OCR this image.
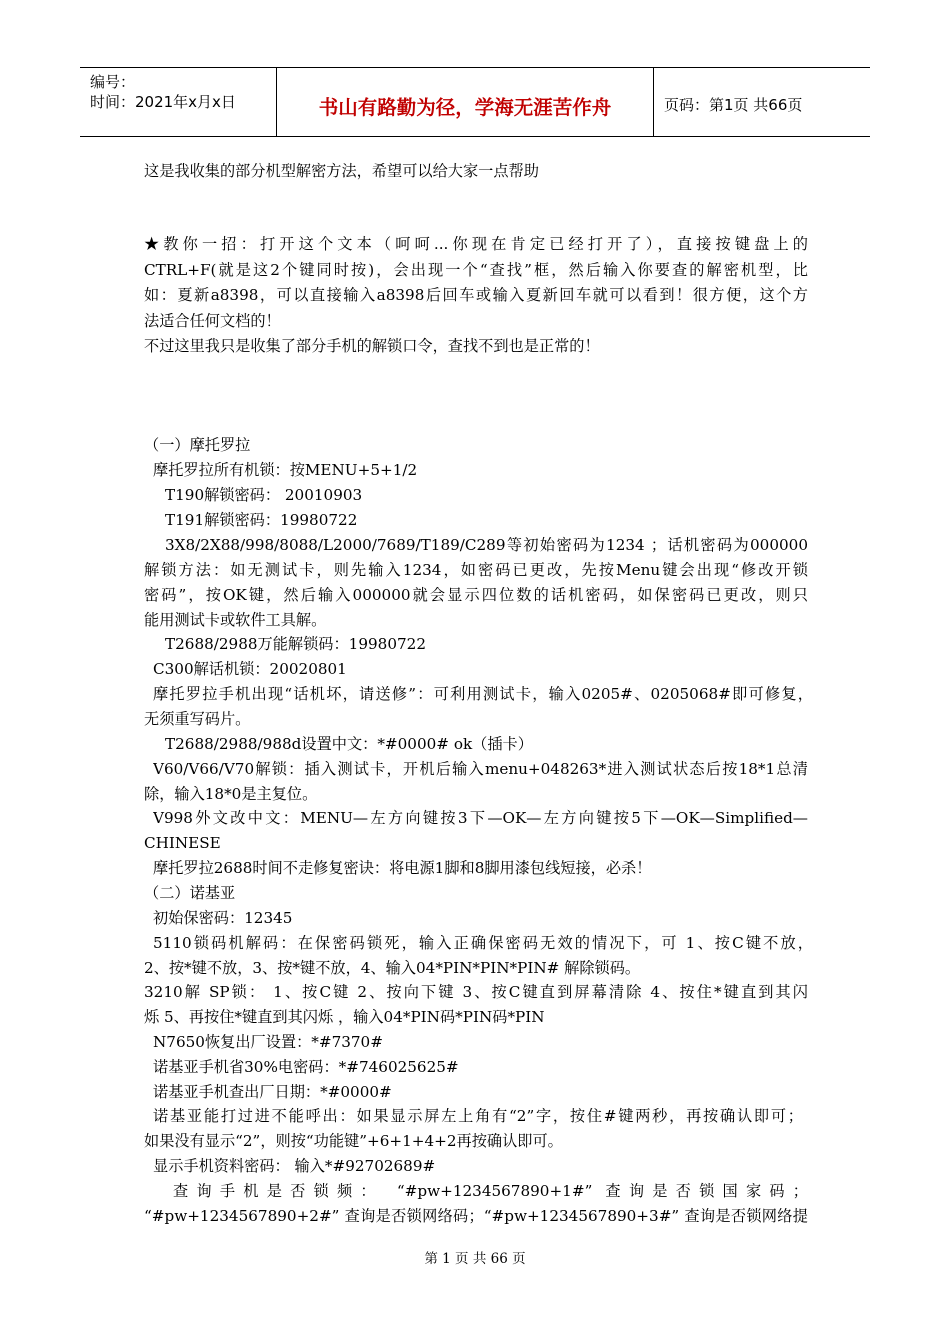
编号：
时间：2021年x月x日	书山有路勤为径，学海无涯苦作舟	页码：第1页 共66页
这是我收集的部分机型解密方法，希望可以给大家一点帮助
★教你一招：打开这个文本（呵呵...你现在肯定已经打开了），直接按键盘上的
CTRL+F(就是这2个键同时按)，会出现一个“查找”框，然后输入你要查的解密机型，比
如：夏新a8398，可以直接输入a8398后回车或输入夏新回车就可以看到！很方便，这个方
法适合任何文档的！
不过这里我只是收集了部分手机的解锁口令，查找不到也是正常的！
（一）摩托罗拉
摩托罗拉所有机锁：按MENU+5+1/2
T190解锁密码： 20010903
T191解锁密码：19980722
3X8/2X88/998/8088/L2000/7689/T189/C289等初始密码为1234 ；话机密码为000000
解锁方法：如无测试卡，则先输入1234，如密码已更改，先按Menu键会出现“修改开锁
密码”，按OK键，然后输入000000就会显示四位数的话机密码，如保密码已更改，则只
能用测试卡或软件工具解。
T2688/2988万能解锁码：19980722
C300解话机锁：20020801
摩托罗拉手机出现“话机坏，请送修”：可利用测试卡，输入0205#、0205068#即可修复，
无须重写码片。
T2688/2988/988d设置中文：*#0000# ok（插卡）
V60/V66/V70解锁：插入测试卡，开机后输入menu+048263*进入测试状态后按18*1总清
除，输入18*0是主复位。
V998外文改中文：MENU—左方向键按3下—OK—左方向键按5下—OK—Simplified—
CHINESE
摩托罗拉2688时间不走修复密诀：将电源1脚和8脚用漆包线短接，必杀！
（二）诺基亚
初始保密码：12345
5110锁码机解码：在保密码锁死，输入正确保密码无效的情况下，可 1、按C键不放，
2、按*键不放，3、按*键不放，4、输入04*PIN*PIN*PIN# 解除锁码。
3210解 SP锁： 1、按C键 2、按向下键 3、按C键直到屏幕清除 4、按住*键直到其闪
烁 5、再按住*键直到其闪烁 ，输入04*PIN码*PIN码*PIN
N7650恢复出厂设置：*#7370#
诺基亚手机省30%电密码：*#746025625#
诺基亚手机查出厂日期：*#0000#
诺基亚能打过进不能呼出：如果显示屏左上角有“2”字，按住#键两秒，再按确认即可；
如果没有显示“2”，则按“功能键”+6+1+4+2再按确认即可。
显示手机资料密码： 输入*#92702689#
查询手机是否锁频： “#pw+1234567890+1#” 查询是否锁国家码；
“#pw+1234567890+2#” 查询是否锁网络码；“#pw+1234567890+3#” 查询是否锁网络提
第 1 页 共 66 页
